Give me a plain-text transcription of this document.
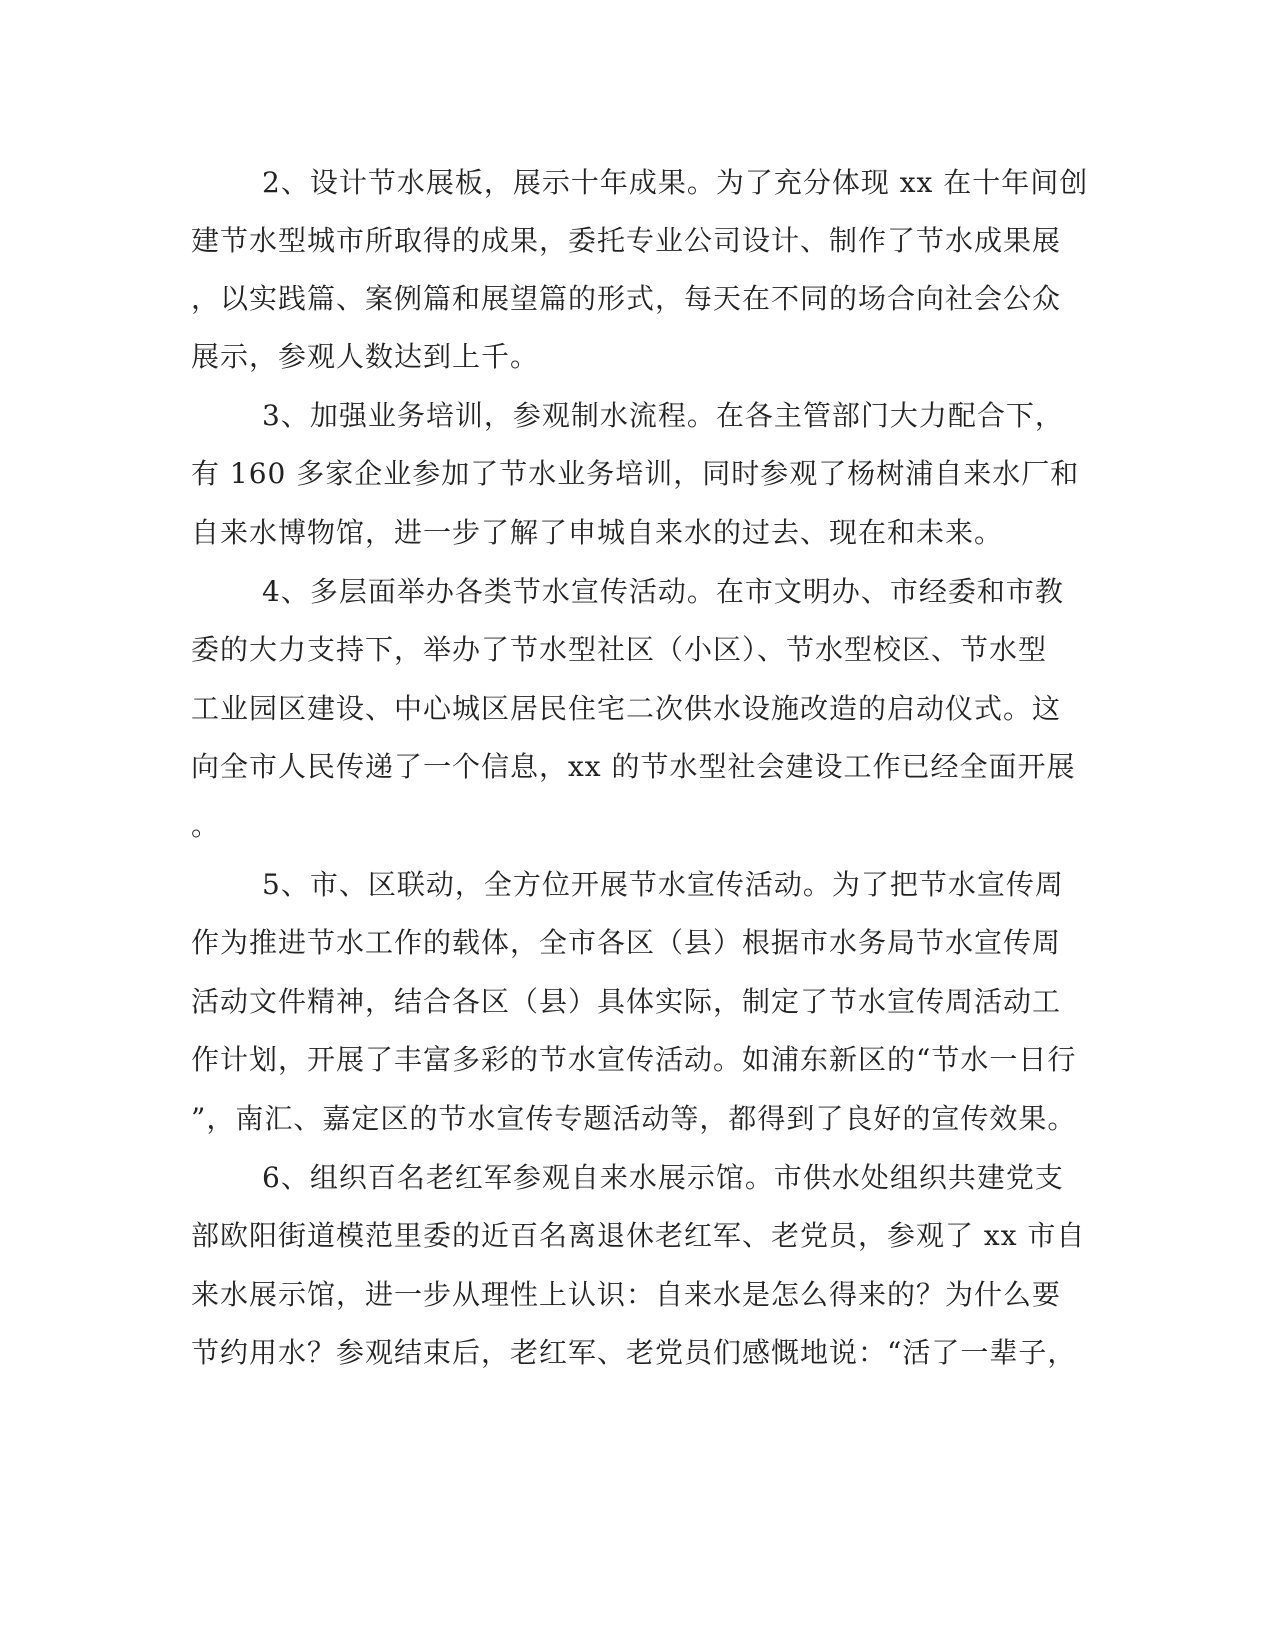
2、设计节水展板，展示十年成果。为了充分体现 xx 在十年间创
建节水型城市所取得的成果，委托专业公司设计、制作了节水成果展
，以实践篇、案例篇和展望篇的形式，每天在不同的场合向社会公众
展示，参观人数达到上千。
3、加强业务培训，参观制水流程。在各主管部门大力配合下，
有 160 多家企业参加了节水业务培训，同时参观了杨树浦自来水厂和
自来水博物馆，进一步了解了申城自来水的过去、现在和未来。
4、多层面举办各类节水宣传活动。在市文明办、市经委和市教
委的大力支持下，举办了节水型社区（小区）、节水型校区、节水型
工业园区建设、中心城区居民住宅二次供水设施改造的启动仪式。这
向全市人民传递了一个信息，xx 的节水型社会建设工作已经全面开展
。
5、市、区联动，全方位开展节水宣传活动。为了把节水宣传周
作为推进节水工作的载体，全市各区（县）根据市水务局节水宣传周
活动文件精神，结合各区（县）具体实际，制定了节水宣传周活动工
作计划，开展了丰富多彩的节水宣传活动。如浦东新区的“节水一日行
”，南汇、嘉定区的节水宣传专题活动等，都得到了良好的宣传效果。
6、组织百名老红军参观自来水展示馆。市供水处组织共建党支
部欧阳街道模范里委的近百名离退休老红军、老党员，参观了 xx 市自
来水展示馆，进一步从理性上认识：自来水是怎么得来的？为什么要
节约用水？参观结束后，老红军、老党员们感慨地说：“活了一辈子，
